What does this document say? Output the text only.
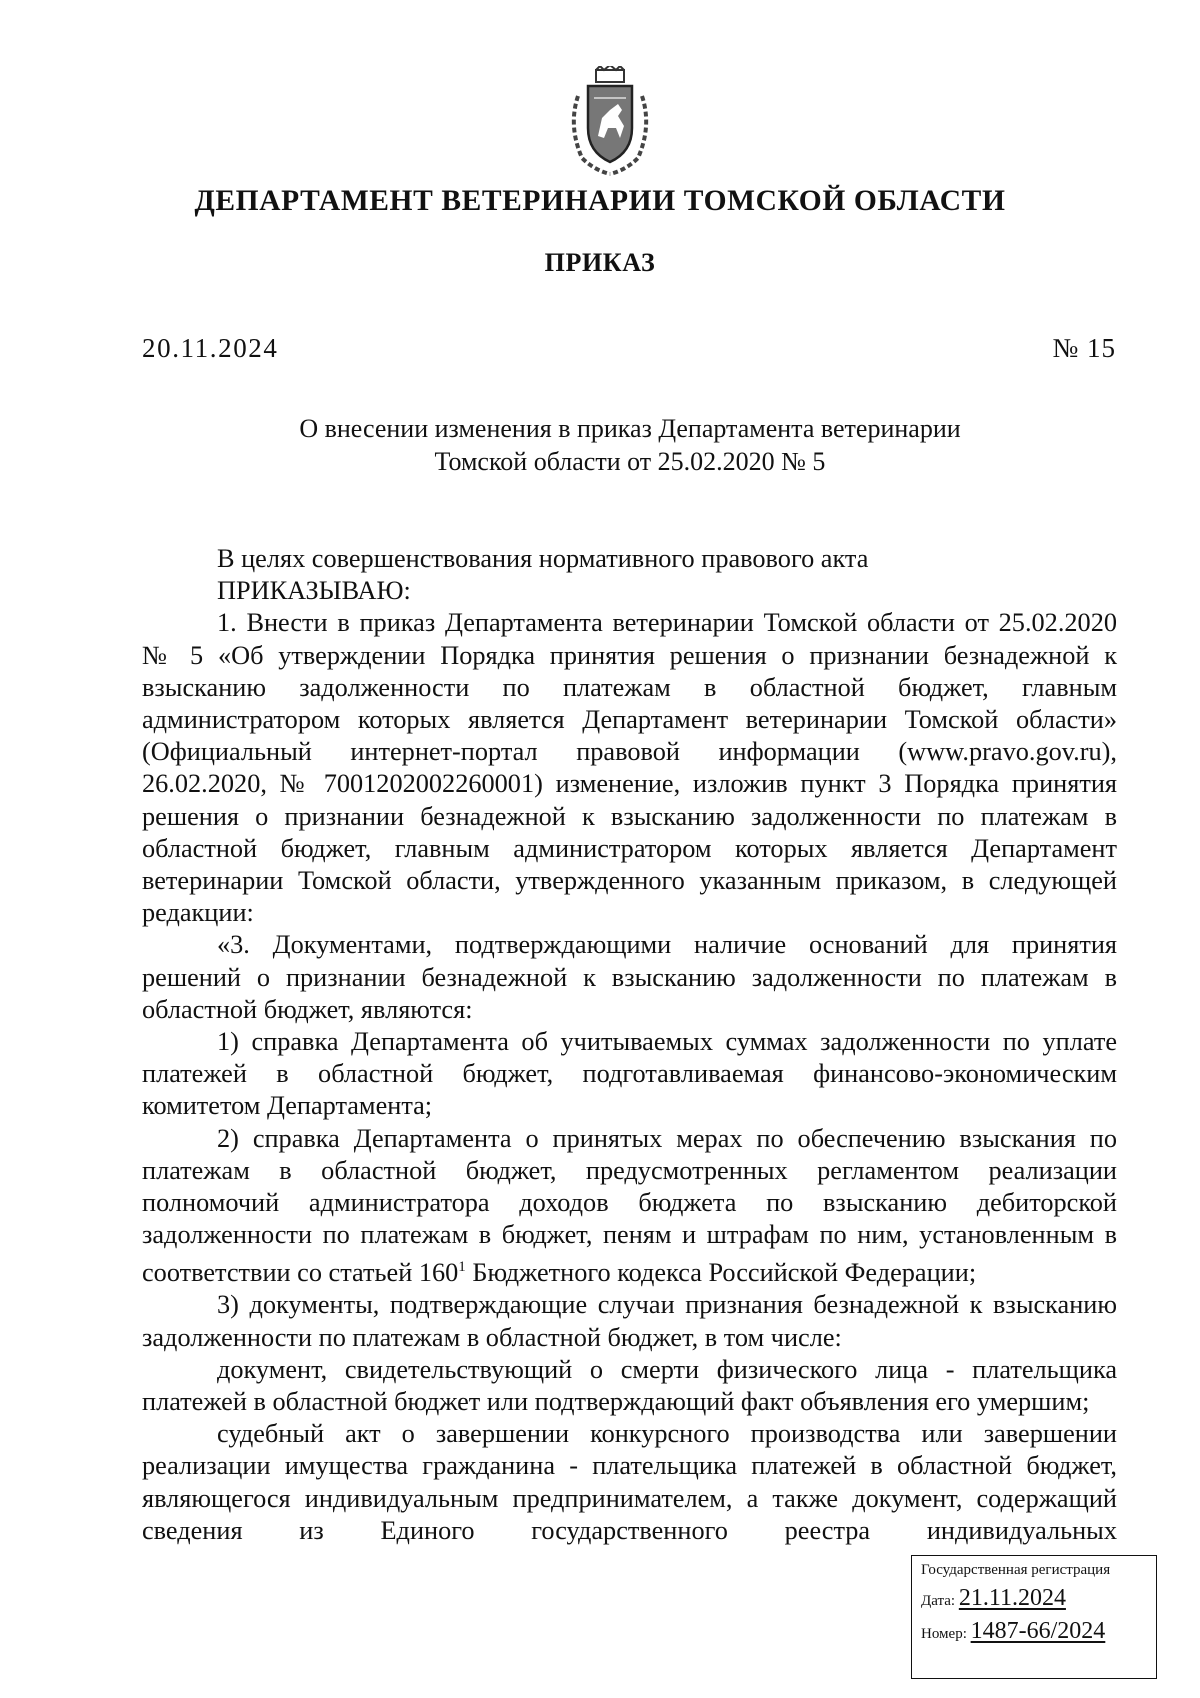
ДЕПАРТАМЕНТ ВЕТЕРИНАРИИ ТОМСКОЙ ОБЛАСТИ
ПРИКАЗ
20.11.2024	№ 15
О внесении изменения в приказ Департамента ветеринарии
Томской области от 25.02.2020 № 5

В целях совершенствования нормативного правового акта

ПРИКАЗЫВАЮ:

1. Внести в приказ Департамента ветеринарии Томской области от 25.02.2020 № 5 «Об утверждении Порядка принятия решения о признании безнадежной к взысканию задолженности по платежам в областной бюджет, главным администратором которых является Департамент ветеринарии Томской области» (Официальный интернет-портал правовой информации (www.pravo.gov.ru), 26.02.2020, № 7001202002260001) изменение, изложив пункт 3 Порядка принятия решения о признании безнадежной к взысканию задолженности по платежам в областной бюджет, главным администратором которых является Департамент ветеринарии Томской области, утвержденного указанным приказом, в следующей редакции:

«3. Документами, подтверждающими наличие оснований для принятия решений о признании безнадежной к взысканию задолженности по платежам в областной бюджет, являются:

1) справка Департамента об учитываемых суммах задолженности по уплате платежей в областной бюджет, подготавливаемая финансово-экономическим комитетом Департамента;

2) справка Департамента о принятых мерах по обеспечению взыскания по платежам в областной бюджет, предусмотренных регламентом реализации полномочий администратора доходов бюджета по взысканию дебиторской задолженности по платежам в бюджет, пеням и штрафам по ним, установленным в соответствии со статьей $160^1$ Бюджетного кодекса Российской Федерации;

3) документы, подтверждающие случаи признания безнадежной к взысканию задолженности по платежам в областной бюджет, в том числе:

документ, свидетельствующий о смерти физического лица - плательщика платежей в областной бюджет или подтверждающий факт объявления его умершим;

судебный акт о завершении конкурсного производства или завершении реализации имущества гражданина - плательщика платежей в областной бюджет, являющегося индивидуальным предпринимателем, а также документ, содержащий сведения из Единого государственного реестра индивидуальных

Государственная регистрация
Дата: 21.11.2024
Номер: 1487-66/2024
